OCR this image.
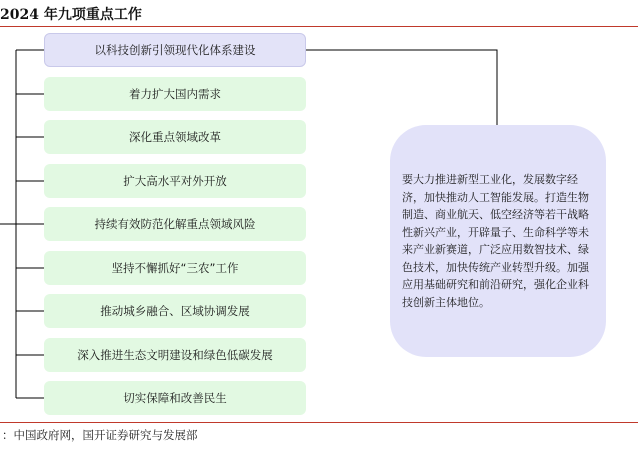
2024 年九项重点工作
以科技创新引领现代化体系建设
着力扩大国内需求
深化重点领域改革
扩大高水平对外开放
持续有效防范化解重点领域风险
坚持不懈抓好“三农”工作
推动城乡融合、区域协调发展
深入推进生态文明建设和绿色低碳发展
切实保障和改善民生
要大力推进新型工业化，发展数字经济，加快推动人工智能发展。打造生物制造、商业航天、低空经济等若干战略性新兴产业，开辟量子、生命科学等未来产业新赛道，广泛应用数智技术、绿色技术，加快传统产业转型升级。加强应用基础研究和前沿研究，强化企业科技创新主体地位。
：中国政府网，国开证券研究与发展部
